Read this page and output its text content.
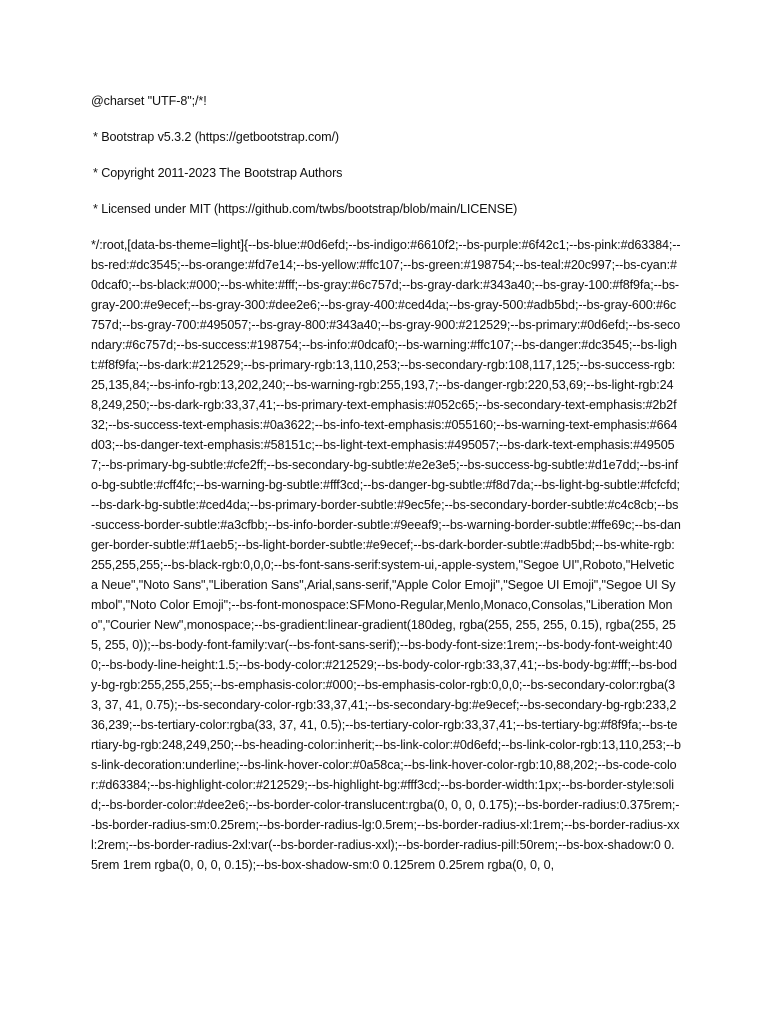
@charset "UTF-8";/*!

* Bootstrap v5.3.2 (https://getbootstrap.com/)

* Copyright 2011-2023 The Bootstrap Authors

* Licensed under MIT (https://github.com/twbs/bootstrap/blob/main/LICENSE)

*/:root,[data-bs-theme=light]{--bs-blue:#0d6efd;--bs-indigo:#6610f2;--bs-purple:#6f42c1;--bs-pink:#d63384;--bs-red:#dc3545;--bs-orange:#fd7e14;--bs-yellow:#ffc107;--bs-green:#198754;--bs-teal:#20c997;--bs-cyan:#0dcaf0;--bs-black:#000;--bs-white:#fff;--bs-gray:#6c757d;--bs-gray-dark:#343a40;--bs-gray-100:#f8f9fa;--bs-gray-200:#e9ecef;--bs-gray-300:#dee2e6;--bs-gray-400:#ced4da;--bs-gray-500:#adb5bd;--bs-gray-600:#6c757d;--bs-gray-700:#495057;--bs-gray-800:#343a40;--bs-gray-900:#212529;--bs-primary:#0d6efd;--bs-secondary:#6c757d;--bs-success:#198754;--bs-info:#0dcaf0;--bs-warning:#ffc107;--bs-danger:#dc3545;--bs-light:#f8f9fa;--bs-dark:#212529;--bs-primary-rgb:13,110,253;--bs-secondary-rgb:108,117,125;--bs-success-rgb:25,135,84;--bs-info-rgb:13,202,240;--bs-warning-rgb:255,193,7;--bs-danger-rgb:220,53,69;--bs-light-rgb:248,249,250;--bs-dark-rgb:33,37,41;--bs-primary-text-emphasis:#052c65;--bs-secondary-text-emphasis:#2b2f32;--bs-success-text-emphasis:#0a3622;--bs-info-text-emphasis:#055160;--bs-warning-text-emphasis:#664d03;--bs-danger-text-emphasis:#58151c;--bs-light-text-emphasis:#495057;--bs-dark-text-emphasis:#495057;--bs-primary-bg-subtle:#cfe2ff;--bs-secondary-bg-subtle:#e2e3e5;--bs-success-bg-subtle:#d1e7dd;--bs-info-bg-subtle:#cff4fc;--bs-warning-bg-subtle:#fff3cd;--bs-danger-bg-subtle:#f8d7da;--bs-light-bg-subtle:#fcfcfd;--bs-dark-bg-subtle:#ced4da;--bs-primary-border-subtle:#9ec5fe;--bs-secondary-border-subtle:#c4c8cb;--bs-success-border-subtle:#a3cfbb;--bs-info-border-subtle:#9eeaf9;--bs-warning-border-subtle:#ffe69c;--bs-danger-border-subtle:#f1aeb5;--bs-light-border-subtle:#e9ecef;--bs-dark-border-subtle:#adb5bd;--bs-white-rgb:255,255,255;--bs-black-rgb:0,0,0;--bs-font-sans-serif:system-ui,-apple-system,"Segoe UI",Roboto,"Helvetica Neue","Noto Sans","Liberation Sans",Arial,sans-serif,"Apple Color Emoji","Segoe UI Emoji","Segoe UI Symbol","Noto Color Emoji";--bs-font-monospace:SFMono-Regular,Menlo,Monaco,Consolas,"Liberation Mono","Courier New",monospace;--bs-gradient:linear-gradient(180deg, rgba(255, 255, 255, 0.15), rgba(255, 255, 255, 0));--bs-body-font-family:var(--bs-font-sans-serif);--bs-body-font-size:1rem;--bs-body-font-weight:400;--bs-body-line-height:1.5;--bs-body-color:#212529;--bs-body-color-rgb:33,37,41;--bs-body-bg:#fff;--bs-body-bg-rgb:255,255,255;--bs-emphasis-color:#000;--bs-emphasis-color-rgb:0,0,0;--bs-secondary-color:rgba(33, 37, 41, 0.75);--bs-secondary-color-rgb:33,37,41;--bs-secondary-bg:#e9ecef;--bs-secondary-bg-rgb:233,236,239;--bs-tertiary-color:rgba(33, 37, 41, 0.5);--bs-tertiary-color-rgb:33,37,41;--bs-tertiary-bg:#f8f9fa;--bs-tertiary-bg-rgb:248,249,250;--bs-heading-color:inherit;--bs-link-color:#0d6efd;--bs-link-color-rgb:13,110,253;--bs-link-decoration:underline;--bs-link-hover-color:#0a58ca;--bs-link-hover-color-rgb:10,88,202;--bs-code-color:#d63384;--bs-highlight-color:#212529;--bs-highlight-bg:#fff3cd;--bs-border-width:1px;--bs-border-style:solid;--bs-border-color:#dee2e6;--bs-border-color-translucent:rgba(0, 0, 0, 0.175);--bs-border-radius:0.375rem;--bs-border-radius-sm:0.25rem;--bs-border-radius-lg:0.5rem;--bs-border-radius-xl:1rem;--bs-border-radius-xxl:2rem;--bs-border-radius-2xl:var(--bs-border-radius-xxl);--bs-border-radius-pill:50rem;--bs-box-shadow:0 0.5rem 1rem rgba(0, 0, 0, 0.15);--bs-box-shadow-sm:0 0.125rem 0.25rem rgba(0, 0, 0,
